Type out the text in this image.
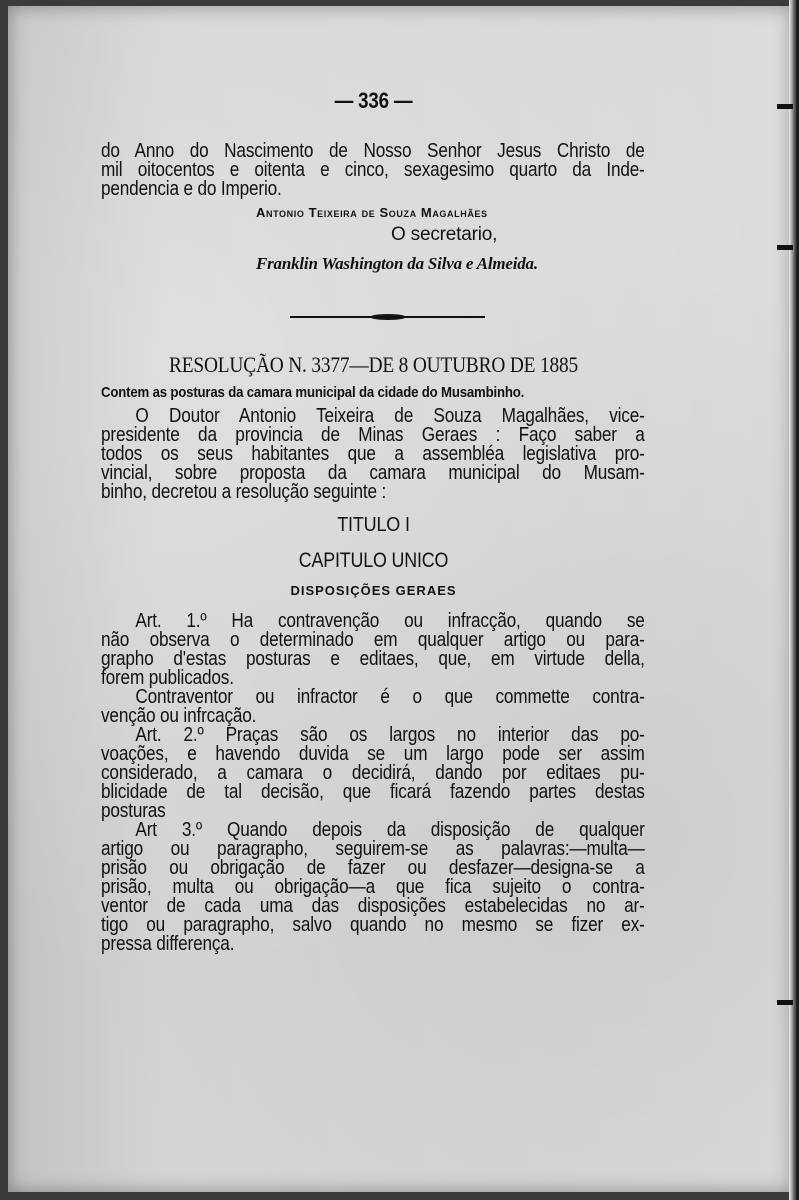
— 336 —
do Anno do Nascimento de Nosso Senhor Jesus Christo de
mil oitocentos e oitenta e cinco, sexagesimo quarto da Inde-
pendencia e do Imperio.
Antonio Teixeira de Souza Magalhães
O secretario,
Franklin Washington da Silva e Almeida.
RESOLUÇÃO N. 3377—DE 8 OUTUBRO DE 1885
Contem as posturas da camara municipal da cidade do Musambinho.
O Doutor Antonio Teixeira de Souza Magalhães, vice-
presidente da provincia de Minas Geraes : Faço saber a
todos os seus habitantes que a assembléa legislativa pro-
vincial, sobre proposta da camara municipal do Musam-
binho, decretou a resolução seguinte :
TITULO I
CAPITULO UNICO
DISPOSIÇÕES GERAES
Art. 1.º Ha contravenção ou infracção, quando se
não observa o determinado em qualquer artigo ou para-
grapho d'estas posturas e editaes, que, em virtude della,
forem publicados.
Contraventor ou infractor é o que commette contra-
venção ou infrcação.
Art. 2.º Praças são os largos no interior das po-
voações, e havendo duvida se um largo pode ser assim
considerado, a camara o decidirá, dando por editaes pu-
blicidade de tal decisão, que ficará fazendo partes destas
posturas
Art 3.º Quando depois da disposição de qualquer
artigo ou paragrapho, seguirem-se as palavras:—multa—
prisão ou obrigação de fazer ou desfazer—designa-se a
prisão, multa ou obrigação—a que fica sujeito o contra-
ventor de cada uma das disposições estabelecidas no ar-
tigo ou paragrapho, salvo quando no mesmo se fizer ex-
pressa differença.
